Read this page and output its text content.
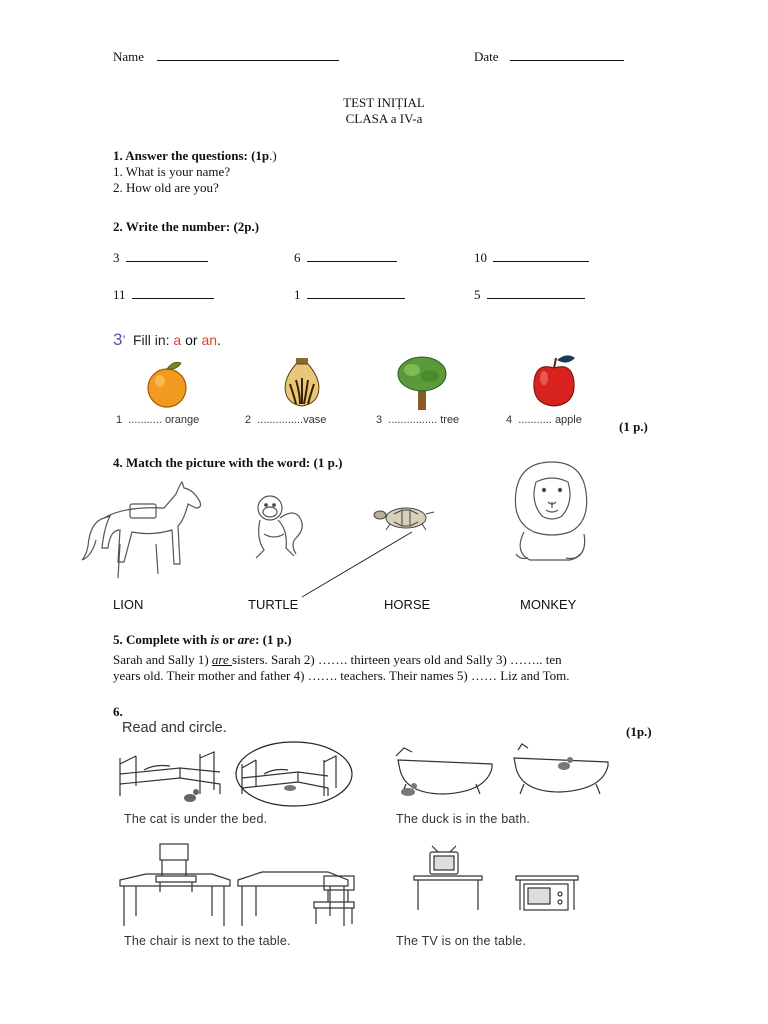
Name	Date
TEST INIȚIAL
CLASA a IV-a
1. Answer the questions: (1p.)
1. What is your name?
2. How old are you?
2. Write the number: (2p.)
3	6	10
11	1	5
3’ Fill in: a or an.
1 ........... orange	2 ...............vase	3 ................ tree	4 ........... apple	(1 p.)
4. Match the picture with the word: (1 p.)
LION	TURTLE	HORSE	MONKEY
5. Complete with is or are: (1 p.)
Sarah and Sally 1) are sisters. Sarah 2) ……. thirteen years old and Sally 3) …….. ten
years old. Their mother and father 4) ……. teachers. Their names 5) …… Liz and Tom.
6.
Read and circle.	(1p.)
The cat is under the bed.	The duck is in the bath.
The chair is next to the table.	The TV is on the table.
